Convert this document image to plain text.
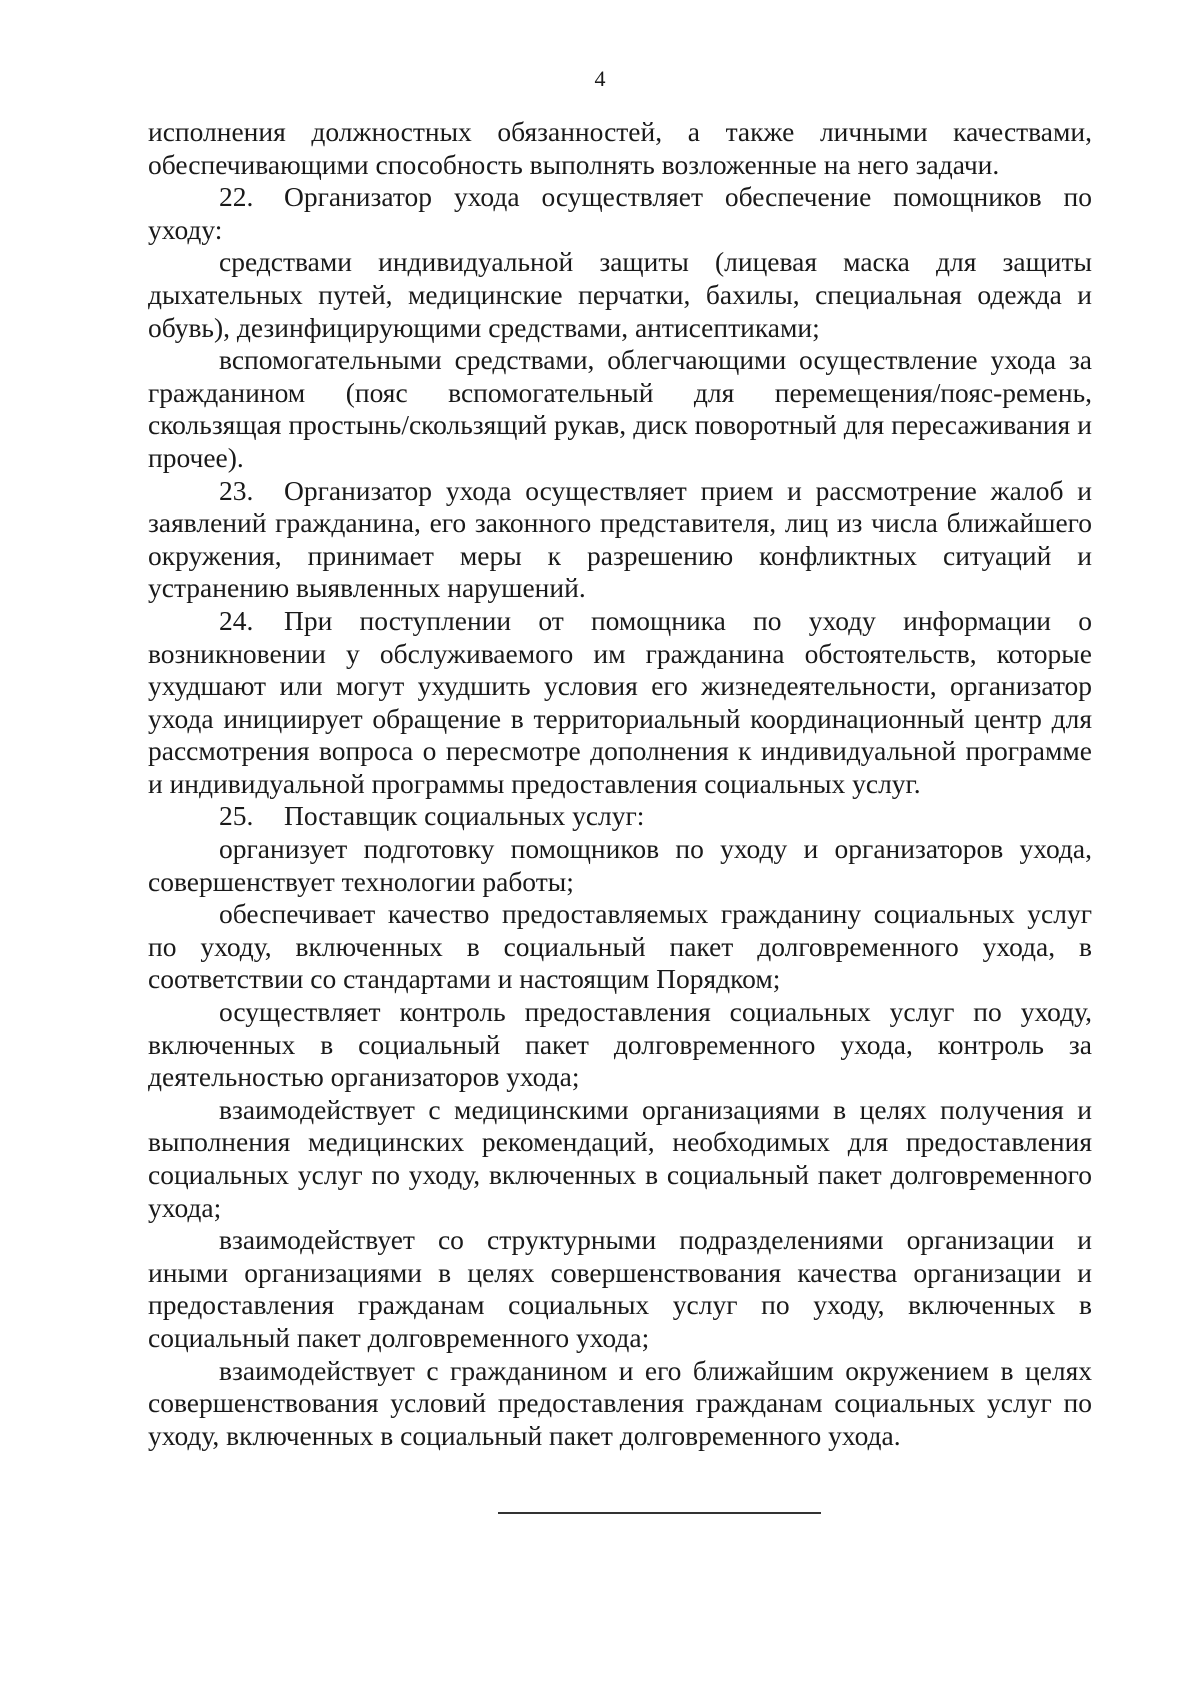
4

исполнения должностных обязанностей, а также личными качествами, обеспечивающими способность выполнять возложенные на него задачи.

22. Организатор ухода осуществляет обеспечение помощников по уходу:

средствами индивидуальной защиты (лицевая маска для защиты дыхательных путей, медицинские перчатки, бахилы, специальная одежда и обувь), дезинфицирующими средствами, антисептиками;

вспомогательными средствами, облегчающими осуществление ухода за гражданином (пояс вспомогательный для перемещения/пояс-ремень, скользящая простынь/скользящий рукав, диск поворотный для пересаживания и прочее).

23. Организатор ухода осуществляет прием и рассмотрение жалоб и заявлений гражданина, его законного представителя, лиц из числа ближайшего окружения, принимает меры к разрешению конфликтных ситуаций и устранению выявленных нарушений.

24. При поступлении от помощника по уходу информации о возникновении у обслуживаемого им гражданина обстоятельств, которые ухудшают или могут ухудшить условия его жизнедеятельности, организатор ухода инициирует обращение в территориальный координационный центр для рассмотрения вопроса о пересмотре дополнения к индивидуальной программе и индивидуальной программы предоставления социальных услуг.

25. Поставщик социальных услуг:

организует подготовку помощников по уходу и организаторов ухода, совершенствует технологии работы;

обеспечивает качество предоставляемых гражданину социальных услуг по уходу, включенных в социальный пакет долговременного ухода, в соответствии со стандартами и настоящим Порядком;

осуществляет контроль предоставления социальных услуг по уходу, включенных в социальный пакет долговременного ухода, контроль за деятельностью организаторов ухода;

взаимодействует с медицинскими организациями в целях получения и выполнения медицинских рекомендаций, необходимых для предоставления социальных услуг по уходу, включенных в социальный пакет долговременного ухода;

взаимодействует со структурными подразделениями организации и иными организациями в целях совершенствования качества организации и предоставления гражданам социальных услуг по уходу, включенных в социальный пакет долговременного ухода;

взаимодействует с гражданином и его ближайшим окружением в целях совершенствования условий предоставления гражданам социальных услуг по уходу, включенных в социальный пакет долговременного ухода.
